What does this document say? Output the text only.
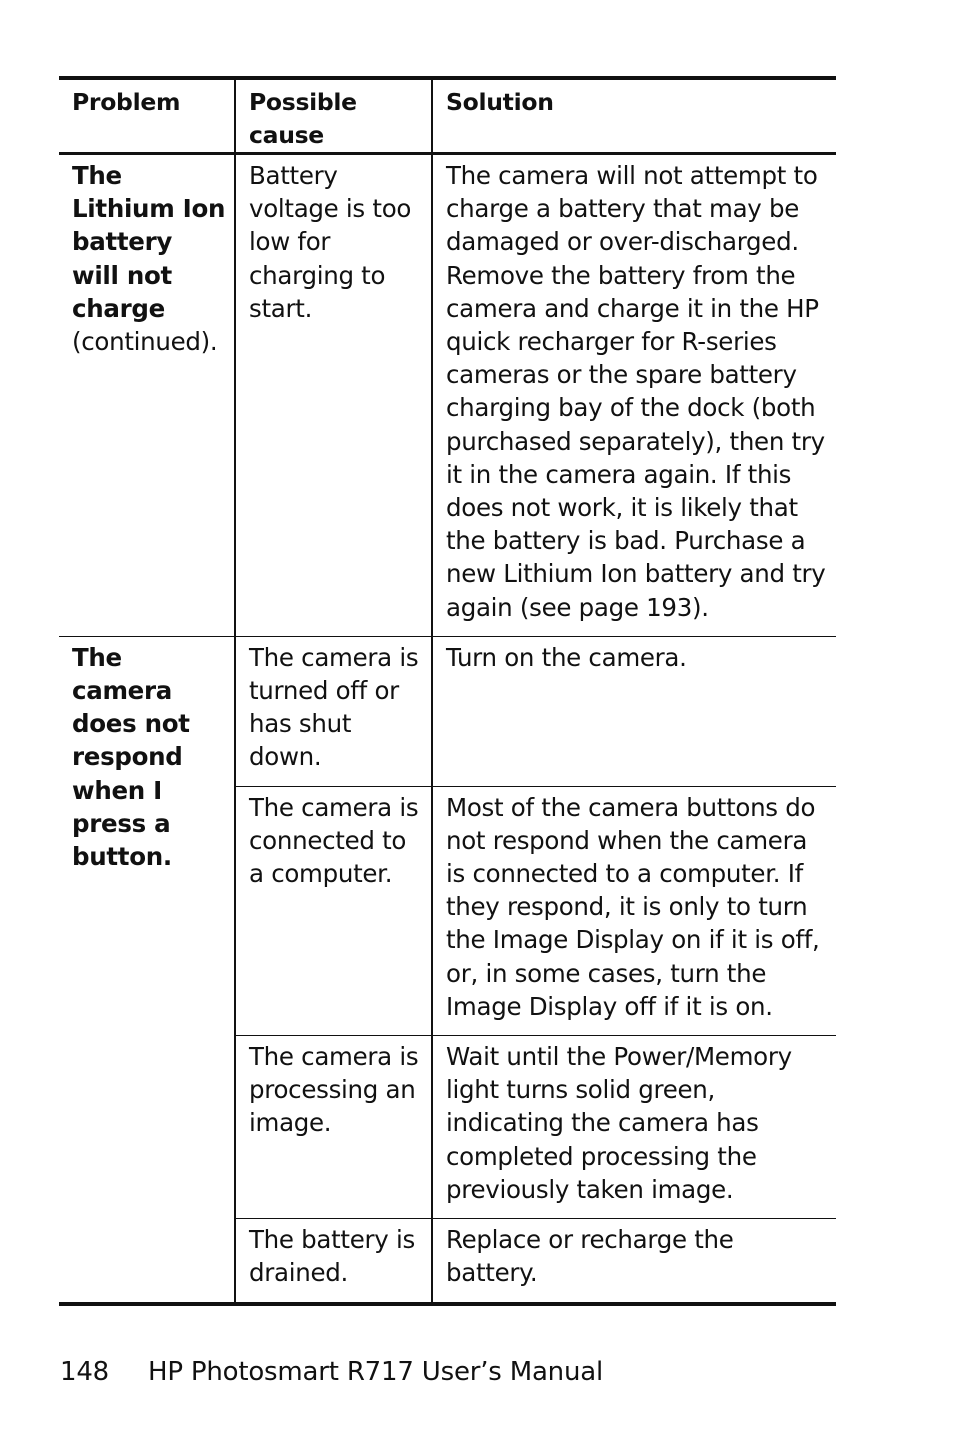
Problem	Possible cause	Solution
The Lithium Ion battery will not charge (continued).	Battery voltage is too low for charging to start.	The camera will not attempt to charge a battery that may be damaged or over-discharged. Remove the battery from the camera and charge it in the HP quick recharger for R-series cameras or the spare battery charging bay of the dock (both purchased separately), then try it in the camera again. If this does not work, it is likely that the battery is bad. Purchase a new Lithium Ion battery and try again (see page 193).
The camera does not respond when I press a button.	The camera is turned off or has shut down.	Turn on the camera.
	The camera is connected to a computer.	Most of the camera buttons do not respond when the camera is connected to a computer. If they respond, it is only to turn the Image Display on if it is off, or, in some cases, turn the Image Display off if it is on.
	The camera is processing an image.	Wait until the Power/Memory light turns solid green, indicating the camera has completed processing the previously taken image.
	The battery is drained.	Replace or recharge the battery.
148 HP Photosmart R717 User’s Manual
